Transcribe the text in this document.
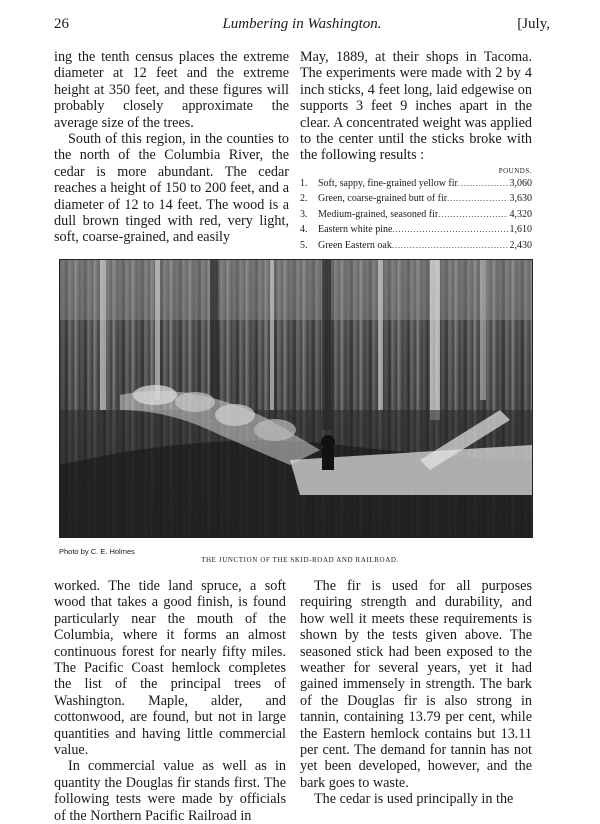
26	Lumbering in Washington.	[July,

ing the tenth census places the extreme diameter at 12 feet and the extreme height at 350 feet, and these figures will probably closely approximate the average size of the trees.

South of this region, in the counties to the north of the Columbia River, the cedar is more abundant. The cedar reaches a height of 150 to 200 feet, and a diameter of 12 to 14 feet. The wood is a dull brown tinged with red, very light, soft, coarse-grained, and easily

May, 1889, at their shops in Tacoma. The experiments were made with 2 by 4 inch sticks, 4 feet long, laid edgewise on supports 3 feet 9 inches apart in the clear. A concentrated weight was applied to the center until the sticks broke with the following results :

POUNDS.
1.	Soft, sappy, fine-grained yellow fir . . .	3,060
2.	Green, coarse-grained butt of fir . . .	3,630
3.	Medium-grained, seasoned fir . . .	4,320
4.	Eastern white pine . . .	1,610
5.	Green Eastern oak . . .	2,430
Photo by C. E. Holmes
THE JUNCTION OF THE SKID-ROAD AND RAILROAD.

worked. The tide land spruce, a soft wood that takes a good finish, is found particularly near the mouth of the Columbia, where it forms an almost continuous forest for nearly fifty miles. The Pacific Coast hemlock completes the list of the principal trees of Washington. Maple, alder, and cottonwood, are found, but not in large quantities and having little commercial value.

In commercial value as well as in quantity the Douglas fir stands first. The following tests were made by officials of the Northern Pacific Railroad in

The fir is used for all purposes requiring strength and durability, and how well it meets these requirements is shown by the tests given above. The seasoned stick had been exposed to the weather for several years, yet it had gained immensely in strength. The bark of the Douglas fir is also strong in tannin, containing 13.79 per cent, while the Eastern hemlock contains but 13.11 per cent. The demand for tannin has not yet been developed, however, and the bark goes to waste.

The cedar is used principally in the
